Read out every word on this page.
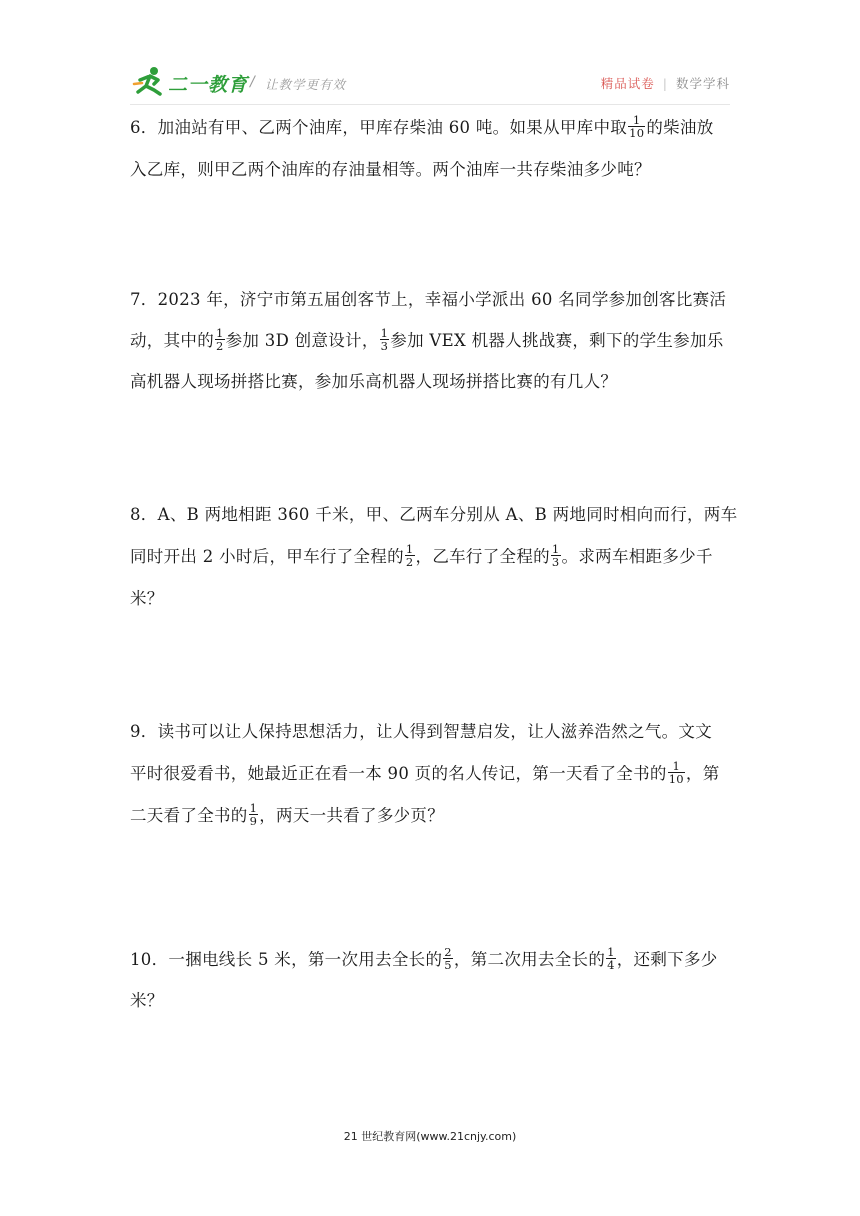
二一教育 / 让教学更有效	精品试卷 | 数学学科
6．加油站有甲、乙两个油库，甲库存柴油 60 吨。如果从甲库中取 $\frac{1}{10}$ 的柴油放
入乙库，则甲乙两个油库的存油量相等。两个油库一共存柴油多少吨？
7．2023 年，济宁市第五届创客节上，幸福小学派出 60 名同学参加创客比赛活
动，其中的 $\frac{1}{2}$ 参加 3D 创意设计， $\frac{1}{3}$ 参加 VEX 机器人挑战赛，剩下的学生参加乐
高机器人现场拼搭比赛，参加乐高机器人现场拼搭比赛的有几人？
8．A、B 两地相距 360 千米，甲、乙两车分别从 A、B 两地同时相向而行，两车
同时开出 2 小时后，甲车行了全程的 $\frac{1}{2}$ ，乙车行了全程的 $\frac{1}{3}$ 。求两车相距多少千
米？
9．读书可以让人保持思想活力，让人得到智慧启发，让人滋养浩然之气。文文
平时很爱看书，她最近正在看一本 90 页的名人传记，第一天看了全书的 $\frac{1}{10}$ ，第
二天看了全书的 $\frac{1}{9}$ ，两天一共看了多少页？
10．一捆电线长 5 米，第一次用去全长的 $\frac{2}{5}$ ，第二次用去全长的 $\frac{1}{4}$ ，还剩下多少
米？
21 世纪教育网(www.21cnjy.com)
